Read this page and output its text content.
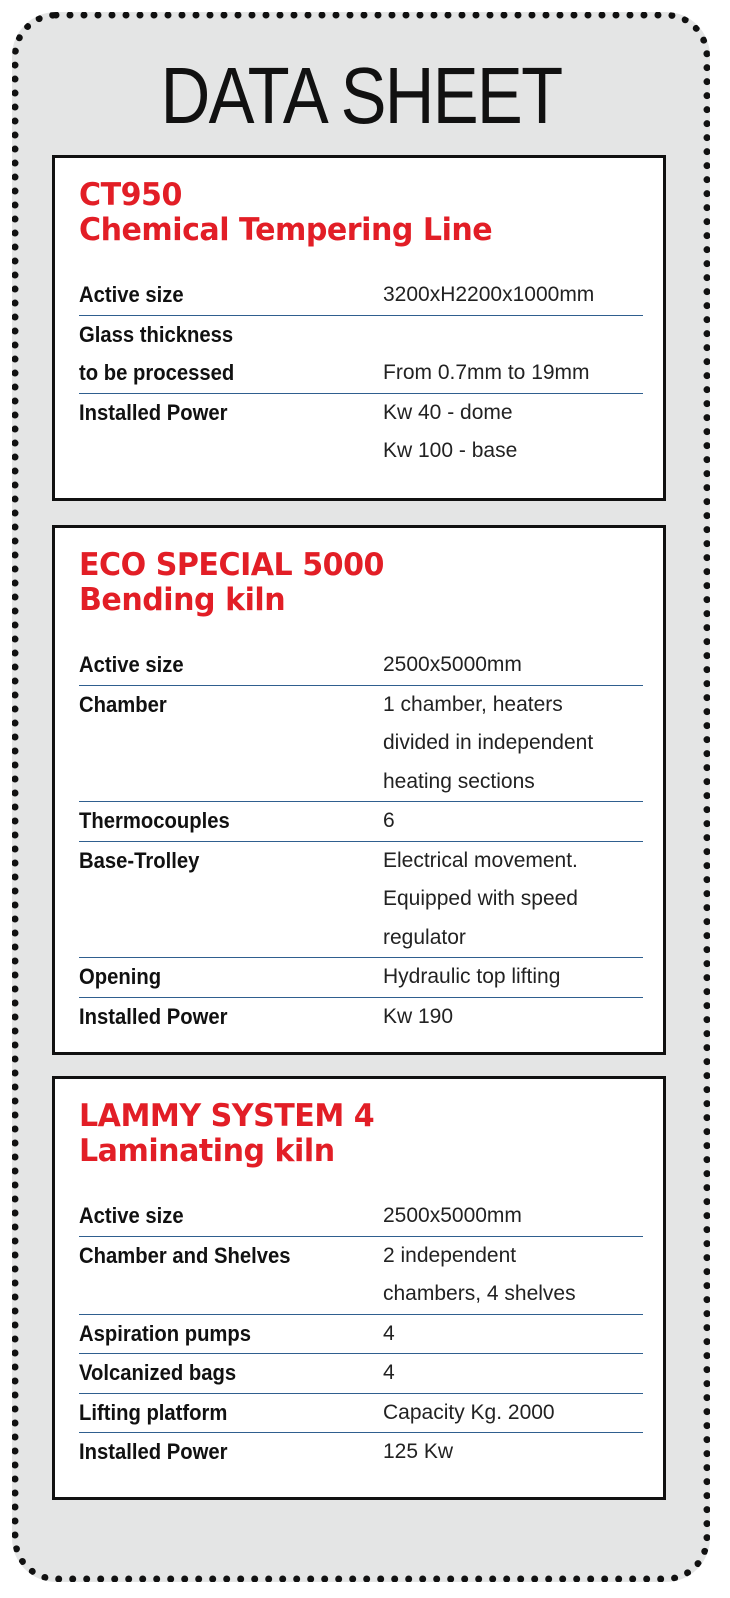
DATA SHEET
CT950
Chemical Tempering Line
Active size	3200xH2200x1000mm
Glass thickness
to be processed
	From 0.7mm to 19mm
Installed Power	Kw 40 - dome
Kw 100 - base
ECO SPECIAL 5000
Bending kiln
Active size	2500x5000mm
Chamber	1 chamber, heaters
divided in independent
heating sections
Thermocouples	6
Base-Trolley	Electrical movement.
Equipped with speed
regulator
Opening	Hydraulic top lifting
Installed Power	Kw 190
LAMMY SYSTEM 4
Laminating kiln
Active size	2500x5000mm
Chamber and Shelves	2 independent
chambers, 4 shelves
Aspiration pumps	4
Volcanized bags	4
Lifting platform	Capacity Kg. 2000
Installed Power	125 Kw
